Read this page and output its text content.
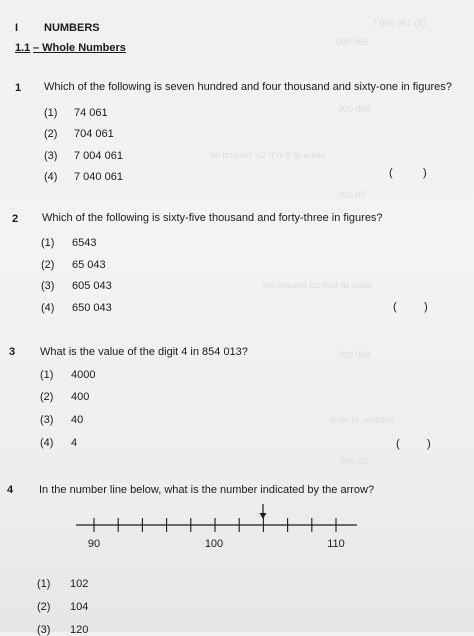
7 000 061 (4)
000 065
000 006
no bnsuorl xi2 rt ni 8 fo eulav
006 07
mo bnsuorl xiz-yxiz to eulav
000 008
eniln ni ,noitulos
000 03
I NUMBERS
1.1 – Whole Numbers
1 Which of the following is seven hundred and four thousand and sixty-one in figures?
(1) 74 061
(2) 704 061
(3) 7 004 061
(4) 7 040 061	(	)
2 Which of the following is sixty-five thousand and forty-three in figures?
(1) 6543
(2) 65 043
(3) 605 043
(4) 650 043	( )
3 What is the value of the digit 4 in 854 013?
(1) 4000
(2) 400
(3) 40
(4) 4	( )
4 In the number line below, what is the number indicated by the arrow?
90	100	110
(1) 102
(2) 104
(3) 120
